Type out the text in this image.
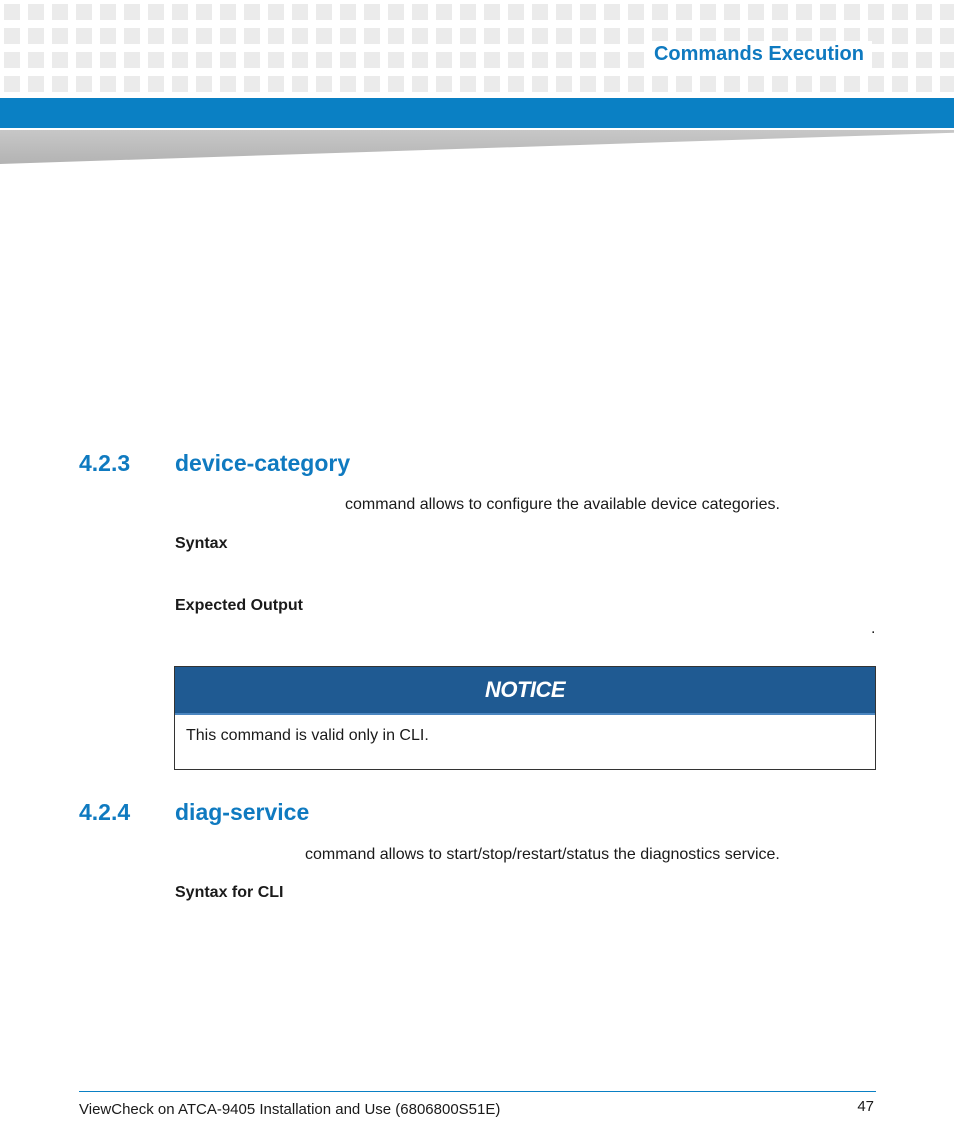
Commands Execution
4.2.3 device-category
command allows to configure the available device categories.
Syntax
Expected Output
.
NOTICE
This command is valid only in CLI.
4.2.4 diag-service
command allows to start/stop/restart/status the diagnostics service.
Syntax for CLI
ViewCheck on ATCA-9405 Installation and Use (6806800S51E)	47
